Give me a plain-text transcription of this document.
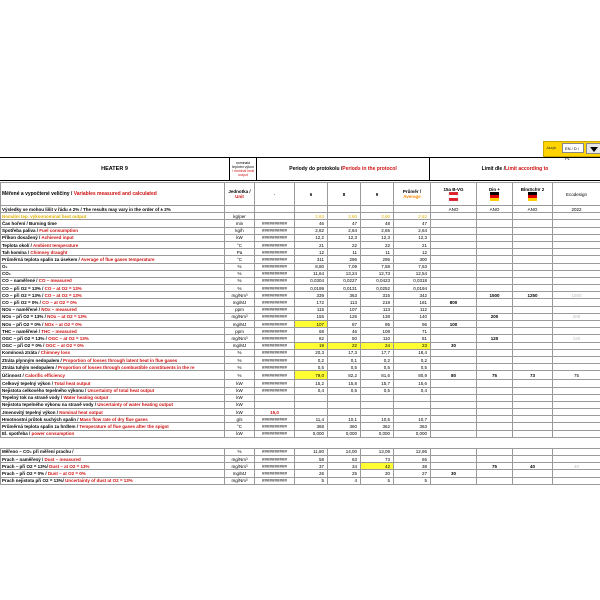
Jazyk	EN / D / PL
HEATER 9
nominalá teplotní výkon
/ nominal heat output
Periody do protokolu / Periods in the protocol	Limit dle / Limit according to
Měřené a vypočtené veličiny / Variables measured and calculated	Jednotka /
Unit	-	6	8	9	Průměr /
Average	15a B-VG	Din +	BlmSchV 2	Ecodesign
Výsledky se mohou lišit v řádu ± 2% / The results may vary in the order of ± 2%							ANO	ANO	ANO	2022
Nomální tep. výkonnominal heat output	kg/per		2,63	2,60	2,60	2,62				
Čas hoření / Burning time	min	##########	46	47	48	47				
Spotřeba paliva / Fuel consumption	kg/h	##########	2,82	2,64	2,65	2,64				
Příkon dosažený / Achieved input	kW	##########	12,2	12,3	12,3	12,3				
Teplota okolí / Ambient temperature	°C	##########	21	22	22	21				
Tah komína / Chimney draught	Pa	##########	12	11	11	12				
Průměrná teplota spalin za úsekem / Average of flue gases temperature	°C	##########	311	296	295	300				
O₂	%	##########	8,80	7,09	7,58	7,63				
CO₂	%	##########	11,64	13,24	12,73	12,54				
CO – naměřené / CO – measured	%	##########	0,0304	0,0227	0,0423	0,0318				
CO – při O2 = 13% / CO – at O2 = 13%	%	##########	0,0199	0,0131	0,0252	0,0194				
CO – při O2 = 13% / CO – at O2 = 13%	mg/Nm³	##########	339	363	315	342		1500	1250	1500
CO – při O2 = 0% / CO – at O2 = 0%	mg/MJ	##########	172	113	218	181	800			
NOx – naměřené / NOx – measured	ppm	##########	115	107	113	112				
NOx – při O2 = 13% / NOx – at O2 = 13%	mg/Nm³	##########	155	126	138	140		200		200
NOx – při O2 = 0% / NOx – at O2 = 0%	mg/MJ	##########	107	87	95	96	100			
THC – naměřené / THC – measured	ppm	##########	68	46	108	71				
OGC – při O2 = 13% / OGC – at O2 = 13%	mg/Nm³	##########	82	50	110	81		120		120
OGC – při O2 = 0% / OGC – at O2 = 0%	mg/MJ	##########	19	22	24	23	30			
Komínová ztráta / Chimney loss	%	##########	20,3	17,3	17,7	18,4				
Ztráta plynným nedopalem / Proportion of losses through latent heat in flue gases	%	##########	0,2	0,1	0,2	0,2				
Ztráta tuhým nedopalem / Proportion of losses through combustible constituents in the re	%	##########	0,5	0,5	0,5	0,5				
Účinnost / Calorific efficiency	%	##########	79,0	82,2	81,6	80,9	80	75	73	75
Celkový tepelný výkon / Total heat output	kW	##########	15,2	15,8	15,7	15,6				
Nejistota celkového tepelného výkonu / Uncertainty of total heat output	kW	##########	0,4	0,5	0,5	0,4				
Tepelný tok na straně vody / Water heating output	kW									
Nejistota tepelného výkonu na straně vody / Uncertainty of water heating output	kW									
Jmenovitý tepelný výkon / Nominal heat output	kW	15,0								
Hmotnostní průtok suchých spalin / Mass flow rate of dry flue gases	g/s	##########	11,4	10,1	10,5	10,7				
Průměrná teplota spalin za hrdlem / Temperature of flue gases after the spigot	°C	##########	368	360	362	363				
El. spotřeba / power consumption	kW	##########	0,000	0,000	0,000	0,000				

Měřeno – CO₂ při měření prachu /	%	##########	11,80	14,00	13,09	12,96				
Prach – naměřený / Dust – measured	mg/Nm³	##########	58	63	73	65				
Prach – při O2 = 13%/ Dust – at O2 = 13%	mg/Nm³	##########	37	34	42	38		75	40	40
Prach – při O2 = 0% / Dust – at O2 = 0%	mg/MJ	##########	26	25	30	27	30			
Prach nejistota při O2 = 13%/ Uncertainty of dust at O2 = 13%	mg/Nm³	##########	5	4	5	5				
